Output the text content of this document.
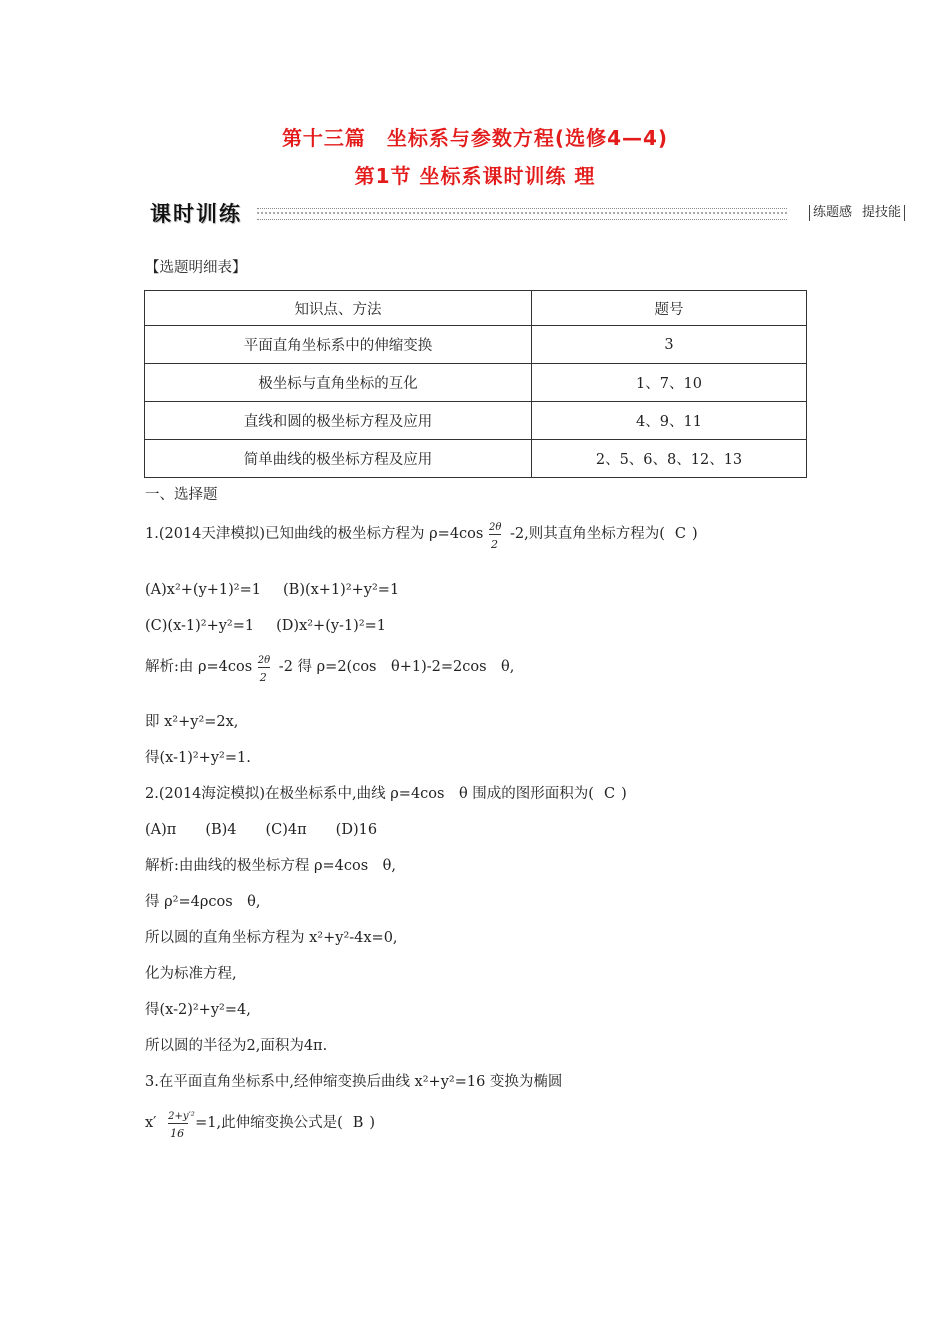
第十三篇　坐标系与参数方程(选修4—4)
第1节 坐标系课时训练 理
课时训练	练题感 提技能
【选题明细表】
知识点、方法	题号
平面直角坐标系中的伸缩变换	3
极坐标与直角坐标的互化	1、7、10
直线和圆的极坐标方程及应用	4、9、11
简单曲线的极坐标方程及应用	2、5、6、8、12、13
一、选择题
1.(2014天津模拟)已知曲线的极坐标方程为 $\rho=4\cos \frac{2\theta}{2} -2$,则其直角坐标方程为( C )
(A)x²+(y+1)²=1 (B)(x+1)²+y²=1
(C)(x-1)²+y²=1 (D)x²+(y-1)²=1
解析:由 $\rho=4\cos \frac{2\theta}{2} -2$ 得 ρ=2(cos　θ+1)-2=2cos　θ,
即 x²+y²=2x,
得(x-1)²+y²=1.
2.(2014海淀模拟)在极坐标系中,曲线 ρ=4cos　θ 围成的图形面积为( C )
(A)π　　(B)4　　(C)4π　　(D)16
解析:由曲线的极坐标方程 ρ=4cos　θ,
得 ρ²=4ρcos　θ,
所以圆的直角坐标方程为 x²+y²-4x=0,
化为标准方程,
得(x-2)²+y²=4,
所以圆的半径为2,面积为4π.
3.在平面直角坐标系中,经伸缩变换后曲线 x²+y²=16 变换为椭圆
$x' \frac{\text{2+y′²}}{16} =1$,此伸缩变换公式是( B )
